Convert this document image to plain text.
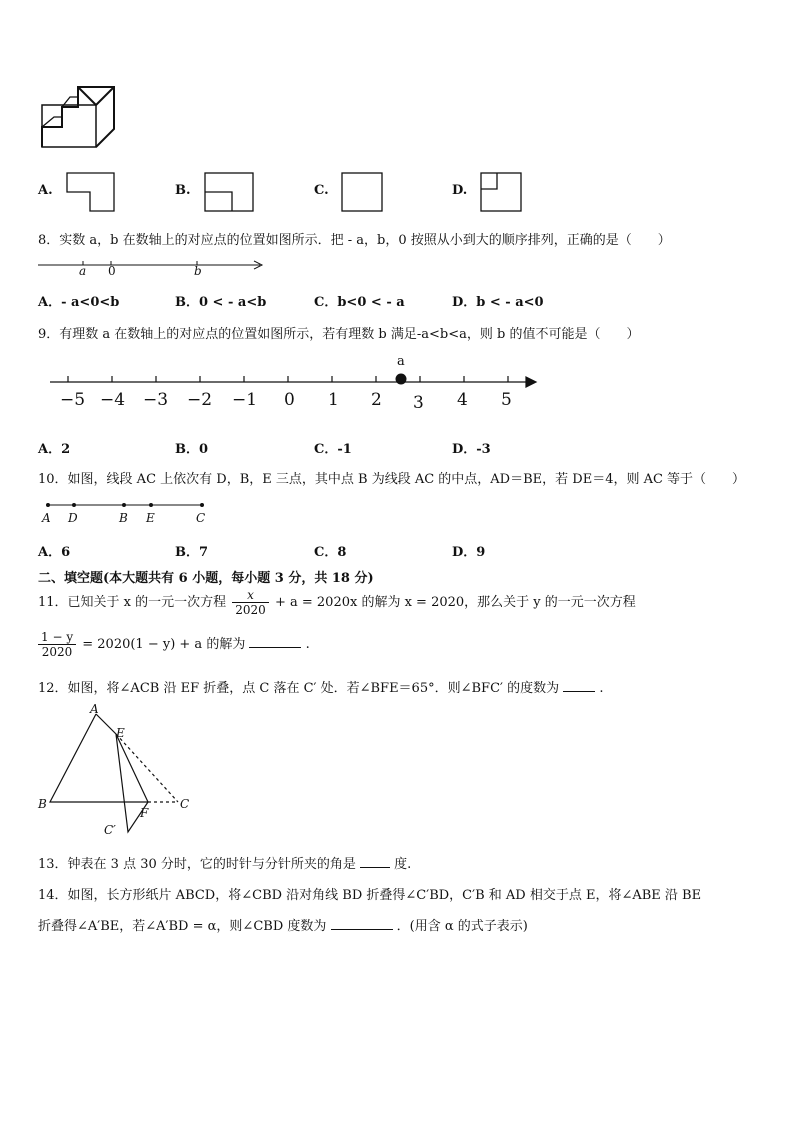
A.	B.	C.	D.
8．实数 a，b 在数轴上的对应点的位置如图所示．把 - a，b，0 按照从小到大的顺序排列，正确的是（　　）
a 0	b
A．- a<0<b	B．0 < - a<b	C．b<0 < - a	D．b < - a<0
9．有理数 a 在数轴上的对应点的位置如图所示，若有理数 b 满足-a<b<a，则 b 的值不可能是（　　）
a
−5 −4 −3 −2 −1 0 1 2 3 4 5
A．2	B．0	C．-1	D．-3
10．如图，线段 AC 上依次有 D，B，E 三点，其中点 B 为线段 AC 的中点，AD＝BE，若 DE＝4，则 AC 等于（　　）
A D	B E	C
A．6	B．7	C．8	D．9
二、填空题(本大题共有 6 小题，每小题 3 分，共 18 分)
11．已知关于 x 的一元一次方程 $\frac{x}{2020} + a = 2020x$ 的解为 x = 2020，那么关于 y 的一元一次方程
$\frac{1 - y}{2020} = 2020(1 - y) + a$ 的解为	.
12．如图，将∠ACB 沿 EF 折叠，点 C 落在 C′ 处．若∠BFE＝65°．则∠BFC′ 的度数为	.
A
E
B	C
F
C′
13．钟表在 3 点 30 分时，它的时针与分针所夹的角是	度.
14．如图，长方形纸片 ABCD，将∠CBD 沿对角线 BD 折叠得∠C′BD，C′B 和 AD 相交于点 E，将∠ABE 沿 BE
折叠得∠A′BE，若∠A′BD = α，则∠CBD 度数为	．(用含 α 的式子表示)
